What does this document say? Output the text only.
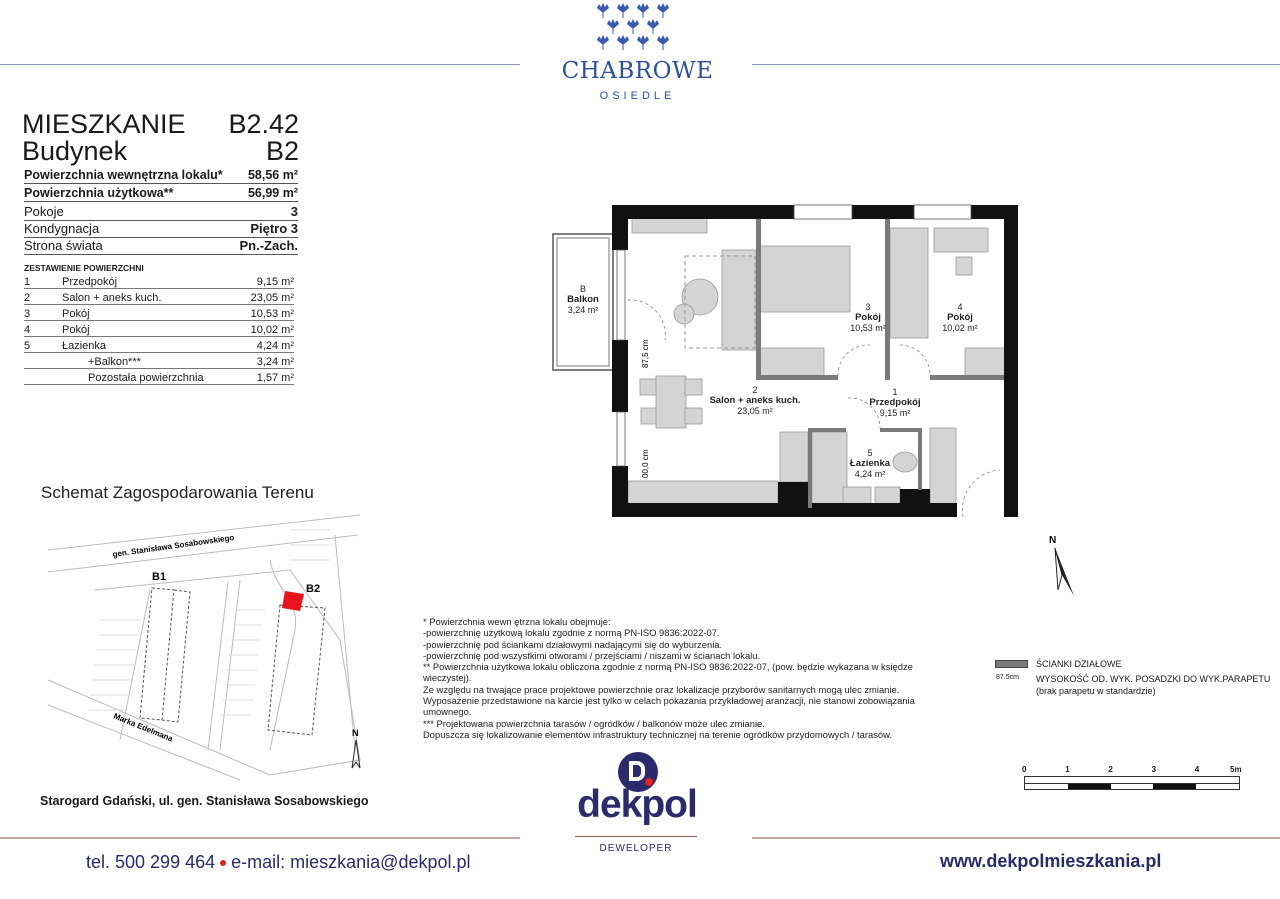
CHABROWE
OSIEDLE
MIESZKANIE	B2.42
Budynek	B2
Powierzchnia wewnętrzna lokalu* 58,56 m²
Powierzchnia użytkowa**	56,99 m²
Pokoje	3
Kondygnacja	Piętro 3
Strona świata	Pn.-Zach.
ZESTAWIENIE POWIERZCHNI
1	Przedpokój	9,15 m²
2	Salon + aneks kuch.	23,05 m²
3	Pokój	10,53 m²
4	Pokój	10,02 m²
5	Łazienka	4,24 m²
+Balkon***	3,24 m²
Pozostała powierzchnia	1,57 m²
N
87,5 cm
00,0 cm
B
Balkon
3,24 m²
2
Salon + aneks kuch.
23,05 m²
3
Pokój
10,53 m²
4
Pokój
10,02 m²
1
Przedpokój
9,15 m²
5
Łazienka
4,24 m²
Schemat Zagospodarowania Terenu
B1
B2
gen. Stanisława Sosabowskiego
Marka Edelmana	N
Starogard Gdański, ul. gen. Stanisława Sosabowskiego
* Powierzchnia wewn ętrzna lokalu obejmuje:
-powierzchnię użytkową lokalu zgodnie z normą PN-ISO 9836:2022-07.
-powierzchnię pod ściankami działowymi nadającymi się do wyburzenia.
-powierzchnię pod wszystkimi otworami / przejściami / niszami w ścianach lokalu.
** Powierzchnia użytkowa lokalu obliczona zgodnie z normą PN-ISO 9836:2022-07, (pow. będzie wykazana w księdze wieczystej).
Ze względu na trwające prace projektowe powierzchnie oraz lokalizacje przyborów sanitarnych mogą ulec zmianie.
Wyposażenie przedstawione na karcie jest tylko w celach pokazania przykładowej aranżacji, nie stanowi zobowiązania umownego.
*** Projektowana powierzchnia tarasów / ogródków / balkonów może ulec zmianie.
Dopuszcza się lokalizowanie elementów infrastruktury technicznej na terenie ogródków przydomowych / tarasów.
ŚCIANKI DZIAŁOWE
87.5cm WYSOKOŚĆ OD. WYK. POSADZKI DO WYK.PARAPETU
(brak parapetu w standardzie)
0	1	2	3	4	5m
dekpol
DEWELOPER
tel. 500 299 464 e-mail: mieszkania@dekpol.pl	www.dekpolmieszkania.pl
